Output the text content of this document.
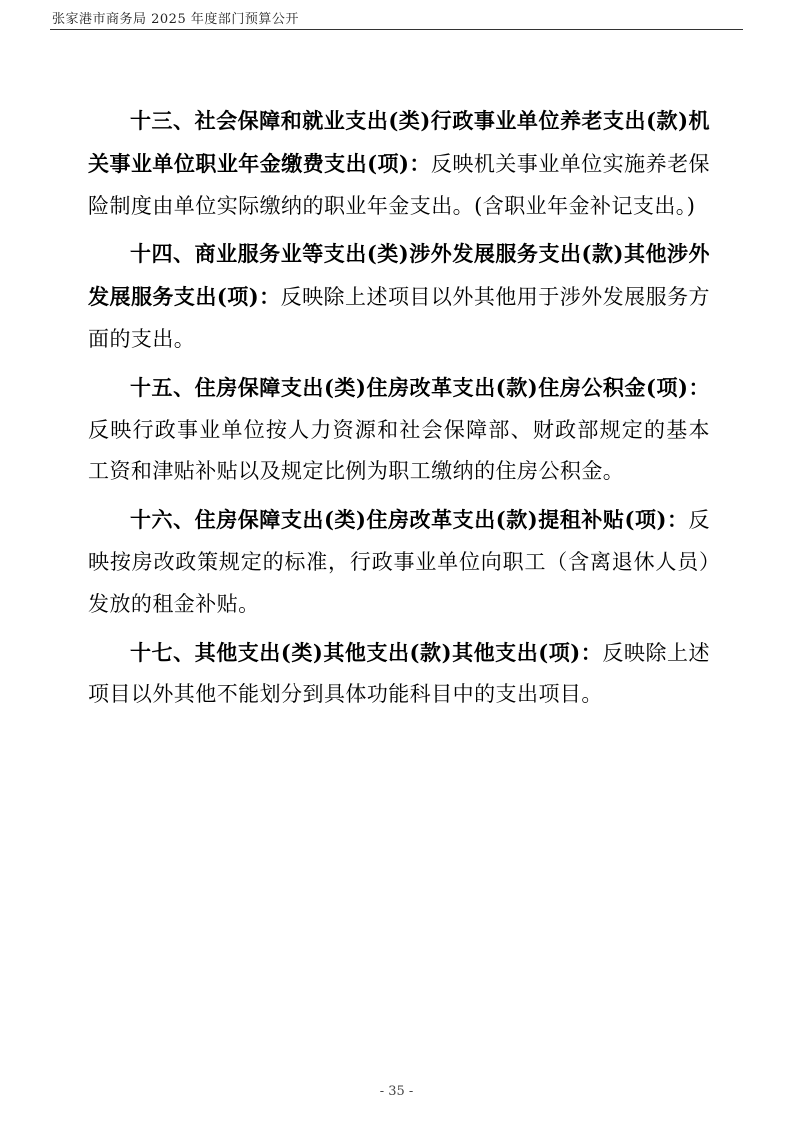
张家港市商务局 2025 年度部门预算公开

十三、社会保障和就业支出(类)行政事业单位养老支出(款)机关事业单位职业年金缴费支出(项)：反映机关事业单位实施养老保险制度由单位实际缴纳的职业年金支出。(含职业年金补记支出。)

十四、商业服务业等支出(类)涉外发展服务支出(款)其他涉外发展服务支出(项)：反映除上述项目以外其他用于涉外发展服务方面的支出。

十五、住房保障支出(类)住房改革支出(款)住房公积金(项)：反映行政事业单位按人力资源和社会保障部、财政部规定的基本工资和津贴补贴以及规定比例为职工缴纳的住房公积金。

十六、住房保障支出(类)住房改革支出(款)提租补贴(项)：反映按房改政策规定的标准，行政事业单位向职工（含离退休人员）发放的租金补贴。

十七、其他支出(类)其他支出(款)其他支出(项)：反映除上述项目以外其他不能划分到具体功能科目中的支出项目。

- 35 -
